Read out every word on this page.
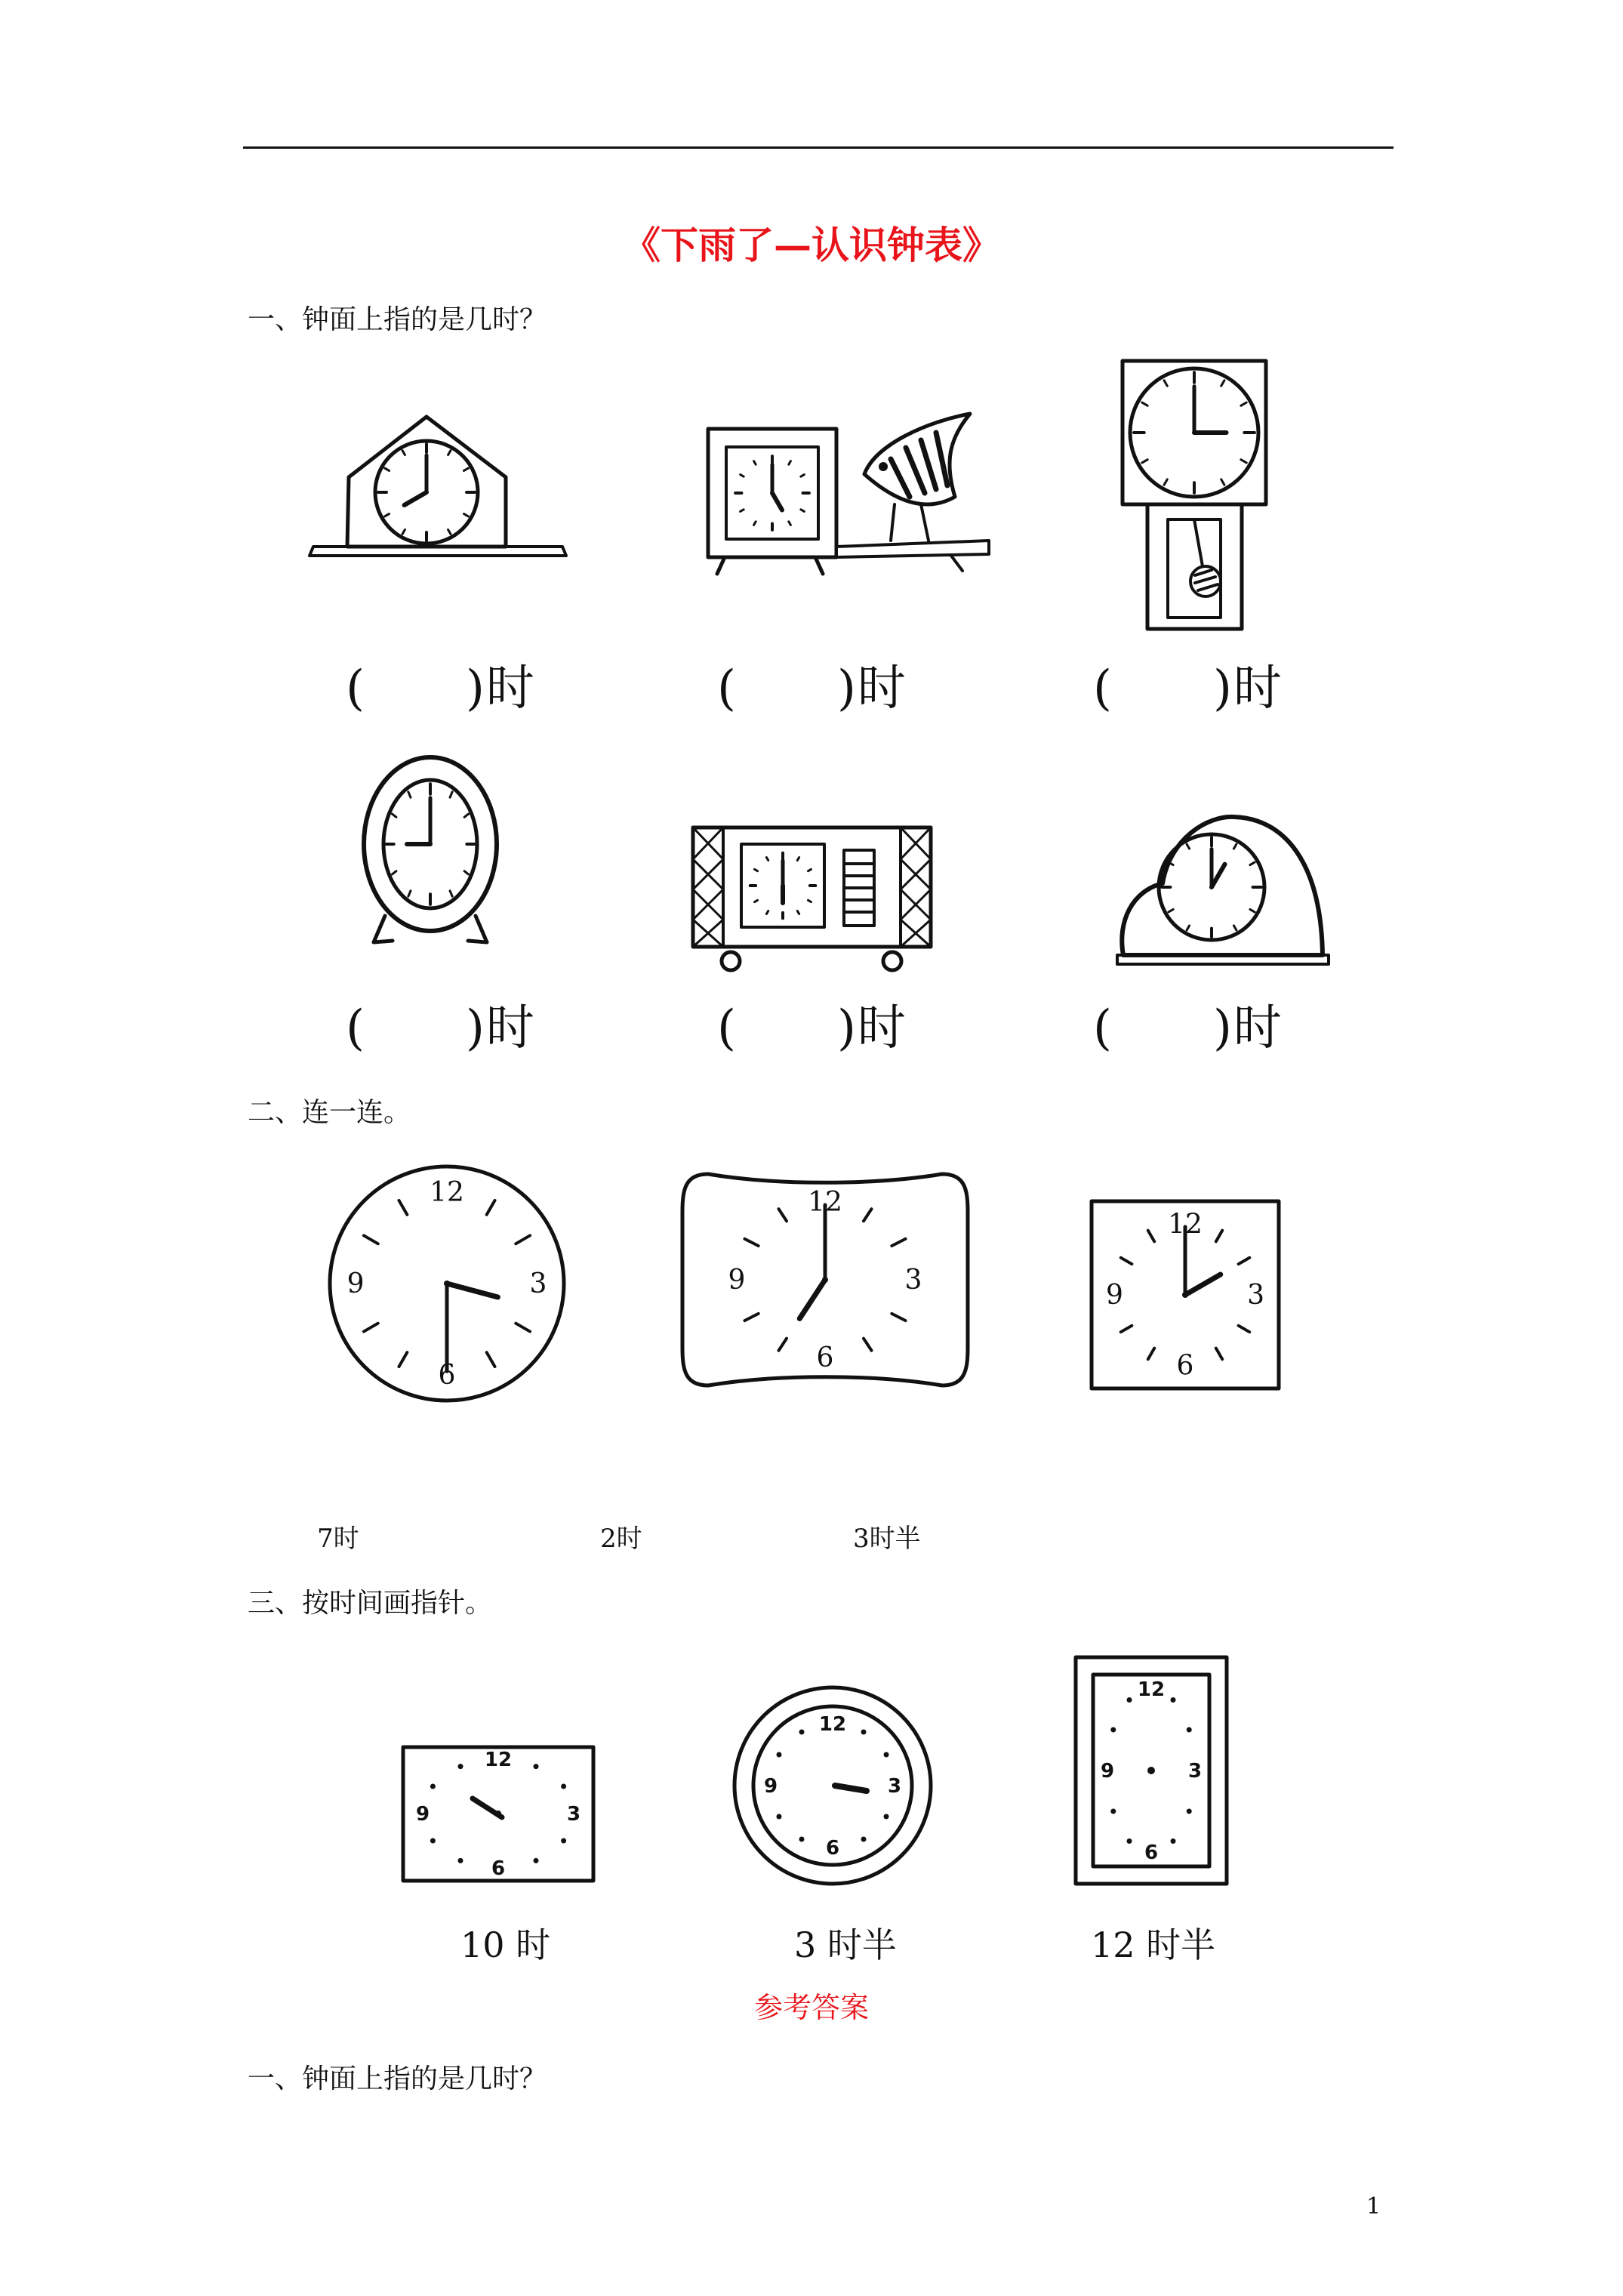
《下雨了—认识钟表》
一、钟面上指的是几时？
(　　)时	(　　)时	(　　)时
(　　)时	(　　)时	(　　)时
二、连一连。
12
3
6
9
12
3
6
9
12
3
6
9
7时	2时	3时半
三、按时间画指针。
12
3
6
9
12
3
6
9
12
3
6
9
10 时	3 时半	12 时半
参考答案
一、钟面上指的是几时？
1
